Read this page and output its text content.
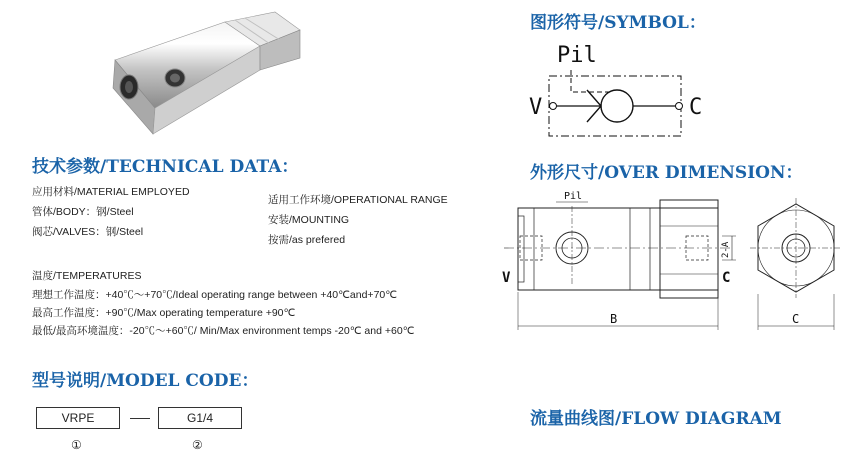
图形符号/SYMBOL：
Pil
V	C
技术参数/TECHNICAL DATA：
应用材料/MATERIAL EMPLOYED
管体/BODY：钢/Steel
阀芯/VALVES：钢/Steel
适用工作环境/OPERATIONAL RANGE
安装/MOUNTING
按需/as prefered
温度/TEMPERATURES
理想工作温度：+40℃～+70℃/Ideal operating range between +40℃and+70℃
最高工作温度：+90℃/Max operating temperature +90℃
最低/最高环境温度：-20℃～+60℃/ Min/Max environment temps -20℃ and +60℃
外形尺寸/OVER DIMENSION：
Pil
V	C
2-A
B	C
型号说明/MODEL CODE：
VRPE	G1/4
①	②
流量曲线图/FLOW DIAGRAM
